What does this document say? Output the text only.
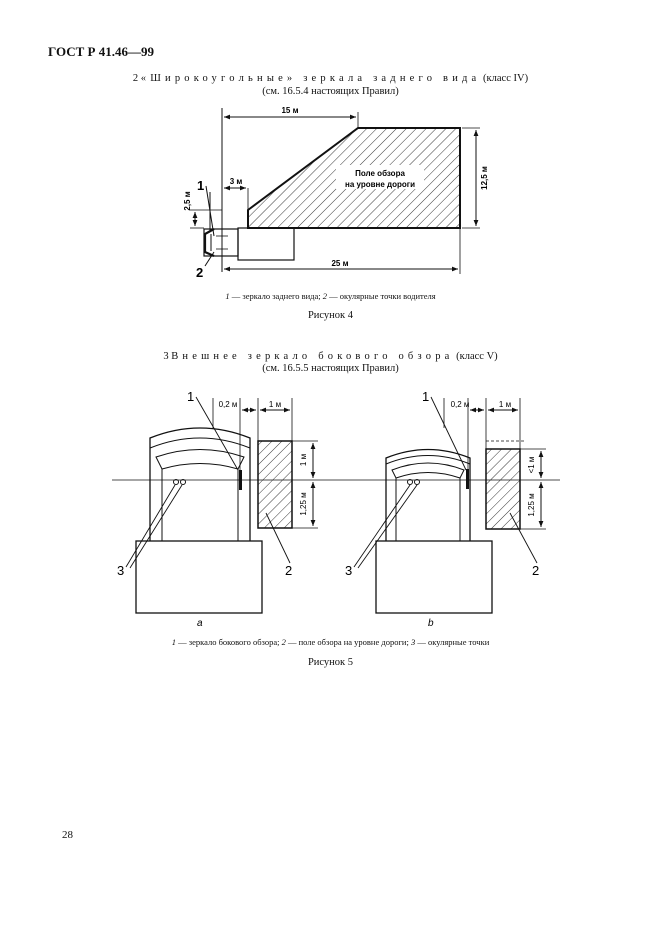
ГОСТ Р 41.46—99
2 «Широкоугольные» зеркала заднего вида (класс IV)
(см. 16.5.4 настоящих Правил)
Поле обзора
на уровне дороги
15 м
3 м
25 м
12,5 м
2,5 м
1
2
0,2 м	1 м
1 м
1,25 м
1
2
3
a
0,2 м	1 м
<1 м
1,25 м
1
2
3
b
1 — зеркало заднего вида; 2 — окулярные точки водителя
Рисунок 4
3 Внешнее зеркало бокового обзора (класс V)
(см. 16.5.5 настоящих Правил)
1 — зеркало бокового обзора; 2 — поле обзора на уровне дороги; 3 — окулярные точки
Рисунок 5
28
